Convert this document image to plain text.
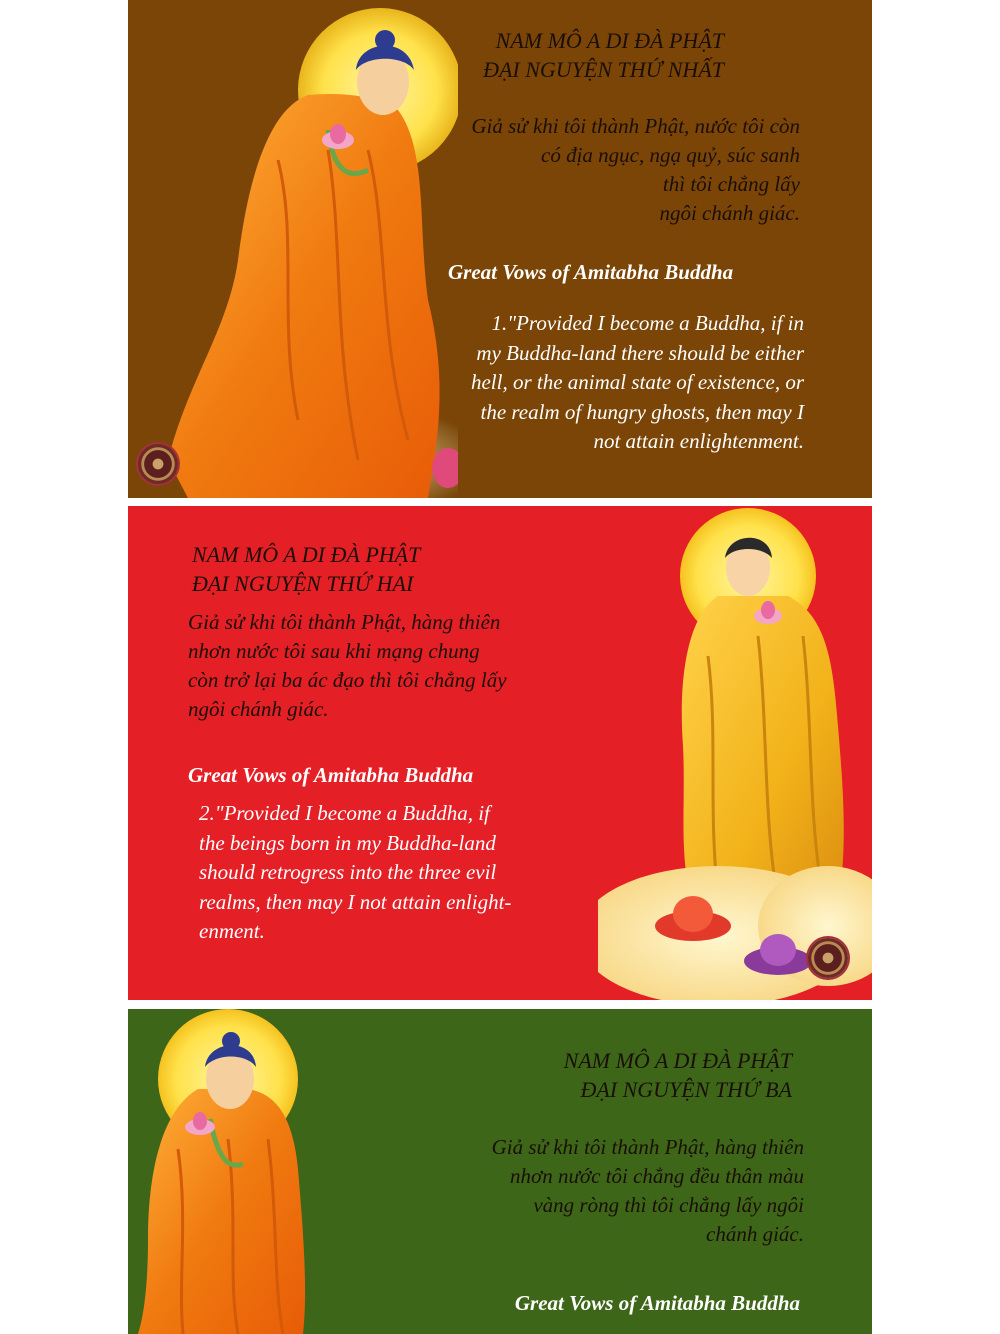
NAM MÔ A DI ĐÀ PHẬT
ĐẠI NGUYỆN THỨ NHẤT
Giả sử khi tôi thành Phật, nước tôi còn
có địa ngục, ngạ quỷ, súc sanh
thì tôi chẳng lấy
ngôi chánh giác.
Great Vows of Amitabha Buddha
1."Provided I become a Buddha, if in
my Buddha-land there should be either
hell, or the animal state of existence, or
the realm of hungry ghosts, then may I
not attain enlightenment.
NAM MÔ A DI ĐÀ PHẬT
ĐẠI NGUYỆN THỨ HAI
Giả sử khi tôi thành Phật, hàng thiên
nhơn nước tôi sau khi mạng chung
còn trở lại ba ác đạo thì tôi chẳng lấy
ngôi chánh giác.
Great Vows of Amitabha Buddha
2."Provided I become a Buddha, if
the beings born in my Buddha-land
should retrogress into the three evil
realms, then may I not attain enlight-
enment.
NAM MÔ A DI ĐÀ PHẬT
ĐẠI NGUYỆN THỨ BA
Giả sử khi tôi thành Phật, hàng thiên
nhơn nước tôi chẳng đều thân màu
vàng ròng thì tôi chẳng lấy ngôi
chánh giác.
Great Vows of Amitabha Buddha
